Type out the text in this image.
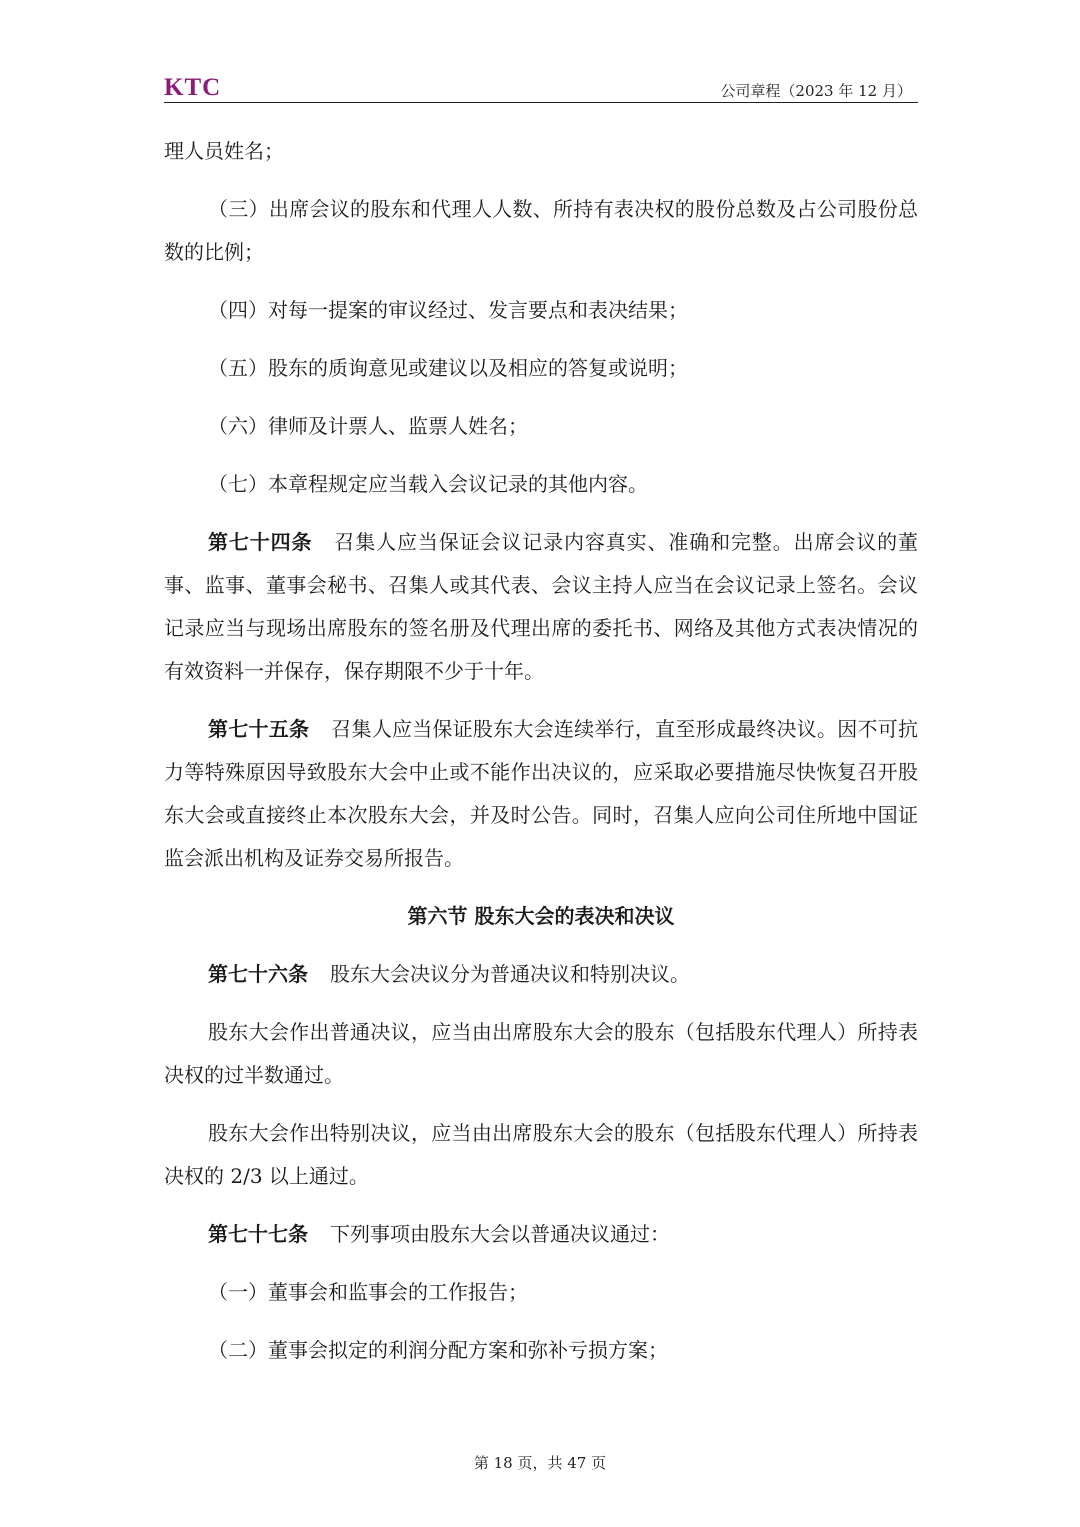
KTC	公司章程（2023 年 12 月）

理人员姓名；

（三）出席会议的股东和代理人人数、所持有表决权的股份总数及占公司股份总数的比例；

（四）对每一提案的审议经过、发言要点和表决结果；

（五）股东的质询意见或建议以及相应的答复或说明；

（六）律师及计票人、监票人姓名；

（七）本章程规定应当载入会议记录的其他内容。

第七十四条 召集人应当保证会议记录内容真实、准确和完整。出席会议的董事、监事、董事会秘书、召集人或其代表、会议主持人应当在会议记录上签名。会议记录应当与现场出席股东的签名册及代理出席的委托书、网络及其他方式表决情况的有效资料一并保存，保存期限不少于十年。

第七十五条 召集人应当保证股东大会连续举行，直至形成最终决议。因不可抗力等特殊原因导致股东大会中止或不能作出决议的，应采取必要措施尽快恢复召开股东大会或直接终止本次股东大会，并及时公告。同时，召集人应向公司住所地中国证监会派出机构及证券交易所报告。

第六节 股东大会的表决和决议

第七十六条 股东大会决议分为普通决议和特别决议。

股东大会作出普通决议，应当由出席股东大会的股东（包括股东代理人）所持表决权的过半数通过。

股东大会作出特别决议，应当由出席股东大会的股东（包括股东代理人）所持表决权的 2/3 以上通过。

第七十七条 下列事项由股东大会以普通决议通过：

（一）董事会和监事会的工作报告；

（二）董事会拟定的利润分配方案和弥补亏损方案；

第 18 页，共 47 页
